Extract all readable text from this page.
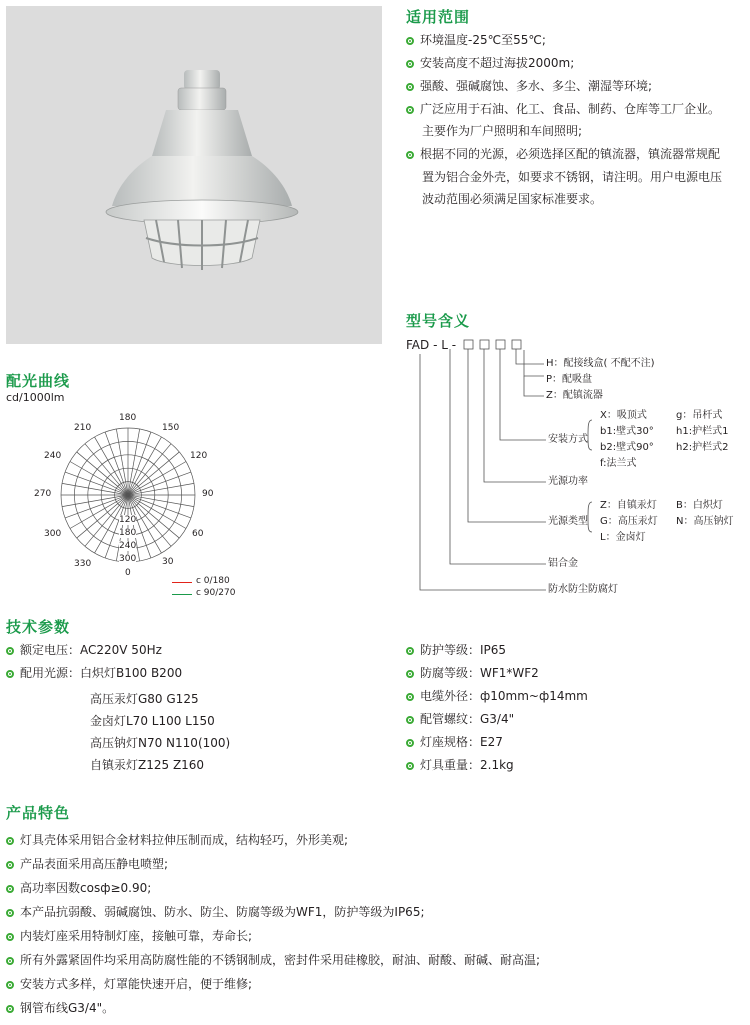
适用范围
环境温度-25℃至55℃;
安装高度不超过海拔2000m;
强酸、强碱腐蚀、多水、多尘、潮湿等环境;
广泛应用于石油、化工、食品、制药、仓库等工厂企业。
主要作为厂户照明和车间照明;
根据不同的光源，必须选择区配的镇流器，镇流器常规配
置为铝合金外壳，如要求不锈钢，请注明。用户电源电压
波动范围必须满足国家标准要求。
型号含义
FAD - L -
H：配接线盒( 不配不注)
P：配吸盘
Z：配镇流器
安装方式
X：吸顶式
b1:壁式30°
b2:壁式90°
f:法兰式
g：吊杆式
h1:护栏式1
h2:护栏式2
光源功率
光源类型
Z：自镇汞灯
G：高压汞灯
L：金卤灯
B：白炽灯
N：高压钠灯
铝合金
防水防尘防腐灯
配光曲线
cd/1000lm
180
150
120
90
60
30
0
330
300
270
240
210
120
180
240
300
c 0/180
c 90/270
技术参数
额定电压：AC220V 50Hz
配用光源：白炽灯B100 B200
高压汞灯G80 G125
金卤灯L70 L100 L150
高压钠灯N70 N110(100)
自镇汞灯Z125 Z160
防护等级：IP65
防腐等级：WF1*WF2
电缆外径：ф10mm~ф14mm
配管螺纹：G3/4"
灯座规格：E27
灯具重量：2.1kg
产品特色
灯具壳体采用铝合金材料拉伸压制而成，结构轻巧，外形美观;
产品表面采用高压静电喷塑;
高功率因数cosф≥0.90;
本产品抗弱酸、弱碱腐蚀、防水、防尘、防腐等级为WF1，防护等级为IP65;
内装灯座采用特制灯座，接触可靠，寿命长;
所有外露紧固件均采用高防腐性能的不锈钢制成，密封件采用硅橡胶，耐油、耐酸、耐碱、耐高温;
安装方式多样，灯罩能快速开启，便于维修;
钢管布线G3/4"。
